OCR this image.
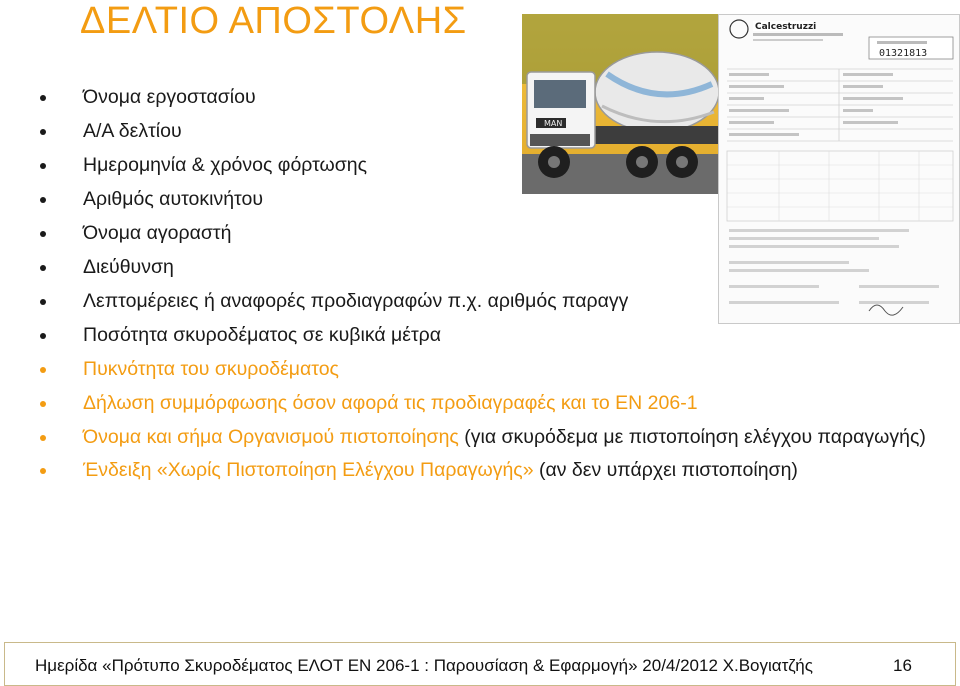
ΔΕΛΤΙΟ ΑΠΟΣΤΟΛΗΣ
MAN
Calcestruzzi
01321813
Όνομα εργοστασίου
Α/Α δελτίου
Ημερομηνία & χρόνος φόρτωσης
Αριθμός αυτοκινήτου
Όνομα αγοραστή
Διεύθυνση
Λεπτομέρειες ή αναφορές προδιαγραφών π.χ. αριθμός παραγγ
Ποσότητα σκυροδέματος σε κυβικά μέτρα
Πυκνότητα του σκυροδέματος
Δήλωση συμμόρφωσης όσον αφορά τις προδιαγραφές και το EN 206-1
Όνομα και σήμα Οργανισμού πιστοποίησης (για σκυρόδεμα με πιστοποίηση ελέγχου παραγωγής)
Ένδειξη «Χωρίς Πιστοποίηση Ελέγχου Παραγωγής» (αν δεν υπάρχει πιστοποίηση)
Ημερίδα «Πρότυπο Σκυροδέματος ΕΛΟΤ EN 206-1 : Παρουσίαση & Εφαρμογή» 20/4/2012 Χ.Βογιατζής	16
